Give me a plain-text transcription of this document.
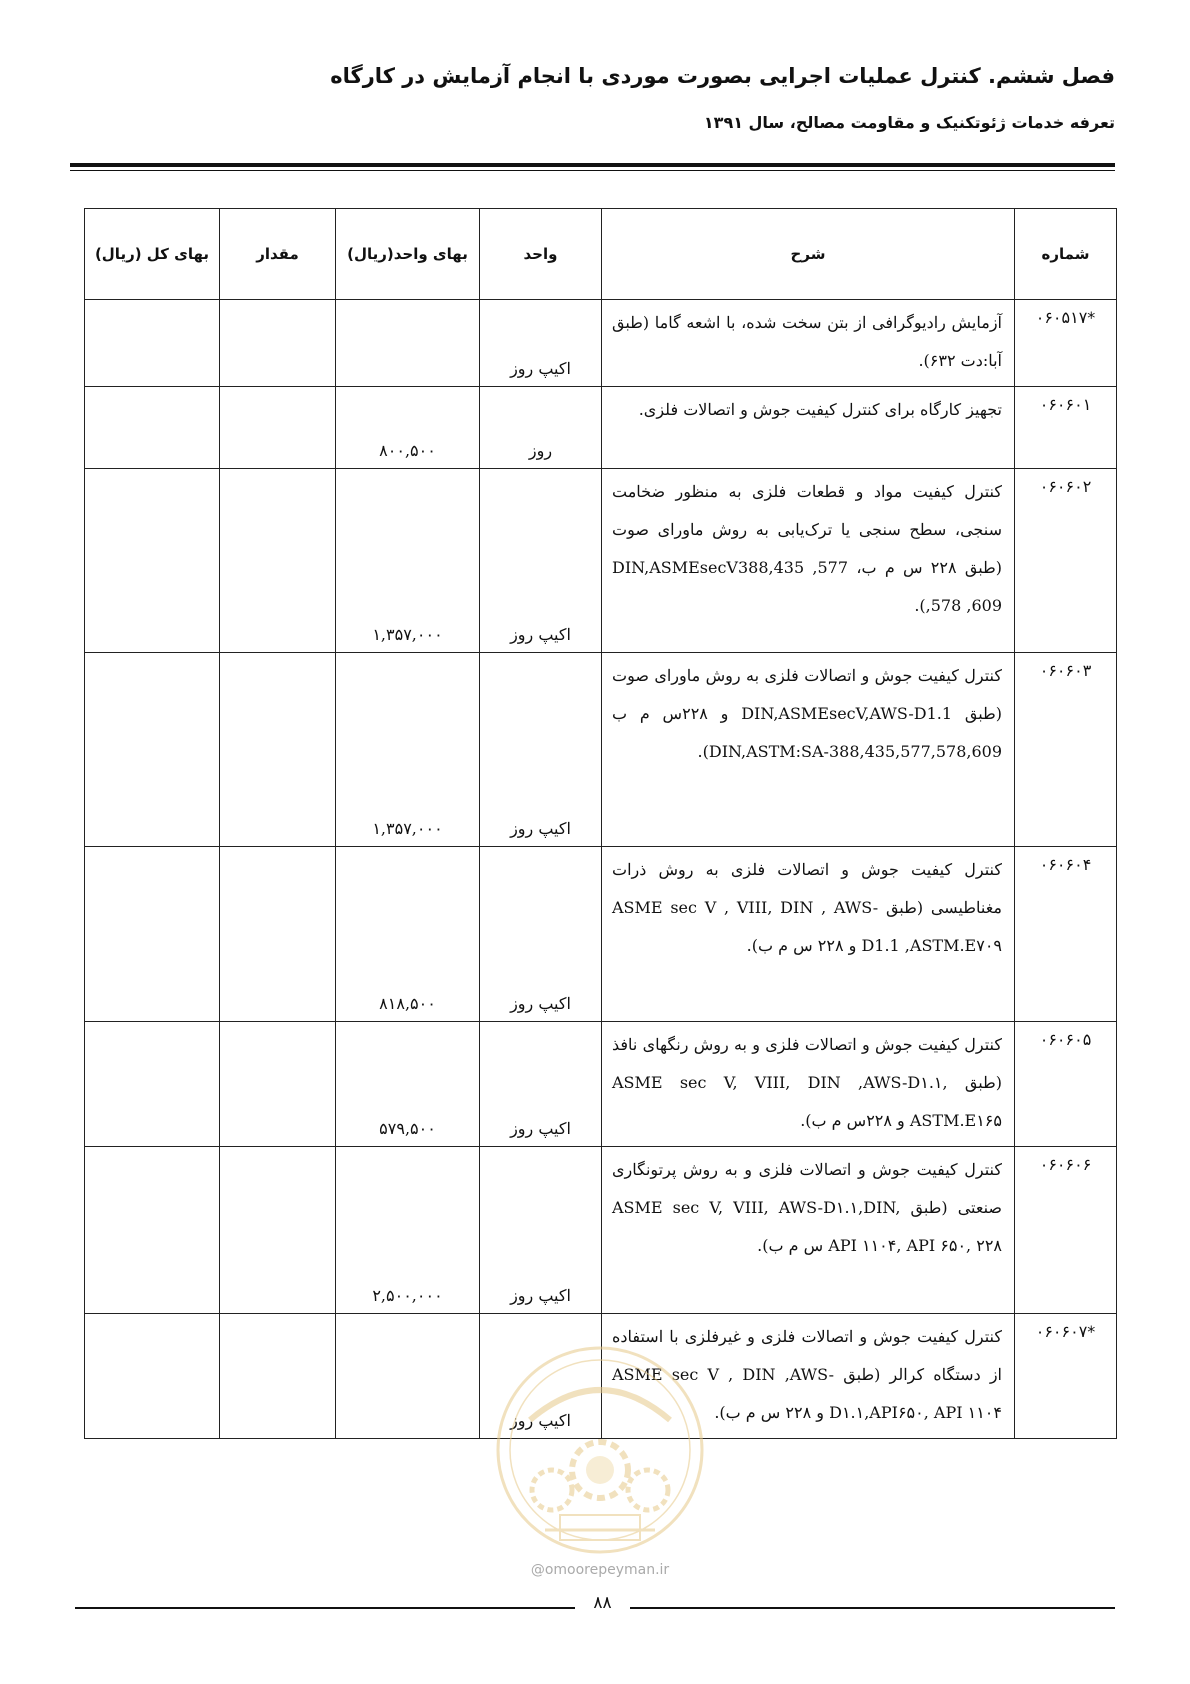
فصل ششم. کنترل عملیات اجرایی بصورت موردی با انجام آزمایش در کارگاه
تعرفه خدمات ژئوتکنیک و مقاومت مصالح، سال ۱۳۹۱
شماره	شرح	واحد	بهای واحد(ریال)	مقدار	بهای کل (ریال)
*۰۶۰۵۱۷	آزمایش رادیوگرافی از بتن سخت شده، با اشعه گاما (طبق آبا:دت ۶۳۲).	اکیپ روز			
۰۶۰۶۰۱	تجهیز کارگاه برای کنترل کیفیت جوش و اتصالات فلزی.	روز	۸۰۰,۵۰۰		
۰۶۰۶۰۲	کنترل کیفیت مواد و قطعات فلزی به منظور ضخامت سنجی، سطح سنجی یا ترک‌یابی به روش ماورای صوت (طبق ۲۲۸ س م ب، DIN,ASMEsecV388,435 ,577 ,578 ,609).	اکیپ روز	۱,۳۵۷,۰۰۰		
۰۶۰۶۰۳	کنترل کیفیت جوش و اتصالات فلزی به روش ماورای صوت (طبق DIN,ASMEsecV,AWS-D1.1 و ۲۲۸س م ب DIN,ASTM:SA-388,435,577,578,609).	اکیپ روز	۱,۳۵۷,۰۰۰		
۰۶۰۶۰۴	کنترل کیفیت جوش و اتصالات فلزی به روش ذرات مغناطیسی (طبق ASME sec V , VIII, DIN , AWS-D1.1 ,ASTM.E۷۰۹ و ۲۲۸ س م ب).	اکیپ روز	۸۱۸,۵۰۰		
۰۶۰۶۰۵	کنترل کیفیت جوش و اتصالات فلزی و به روش رنگهای نافذ (طبق ASME sec V, VIII, DIN ,AWS-D۱.۱, ASTM.E۱۶۵ و ۲۲۸س م ب).	اکیپ روز	۵۷۹,۵۰۰		
۰۶۰۶۰۶	کنترل کیفیت جوش و اتصالات فلزی و به روش پرتونگاری صنعتی (طبق ASME sec V, VIII, AWS-D۱.۱,DIN, API ۱۱۰۴, API ۶۵۰, ۲۲۸ س م ب).	اکیپ روز	۲,۵۰۰,۰۰۰		
*۰۶۰۶۰۷	کنترل کیفیت جوش و اتصالات فلزی و غیرفلزی با استفاده از دستگاه کرالر (طبق ASME sec V , DIN ,AWS-D۱.۱,API۶۵۰, API ۱۱۰۴ و ۲۲۸ س م ب).	اکیپ روز			
@omoorepeyman.ir
۸۸
